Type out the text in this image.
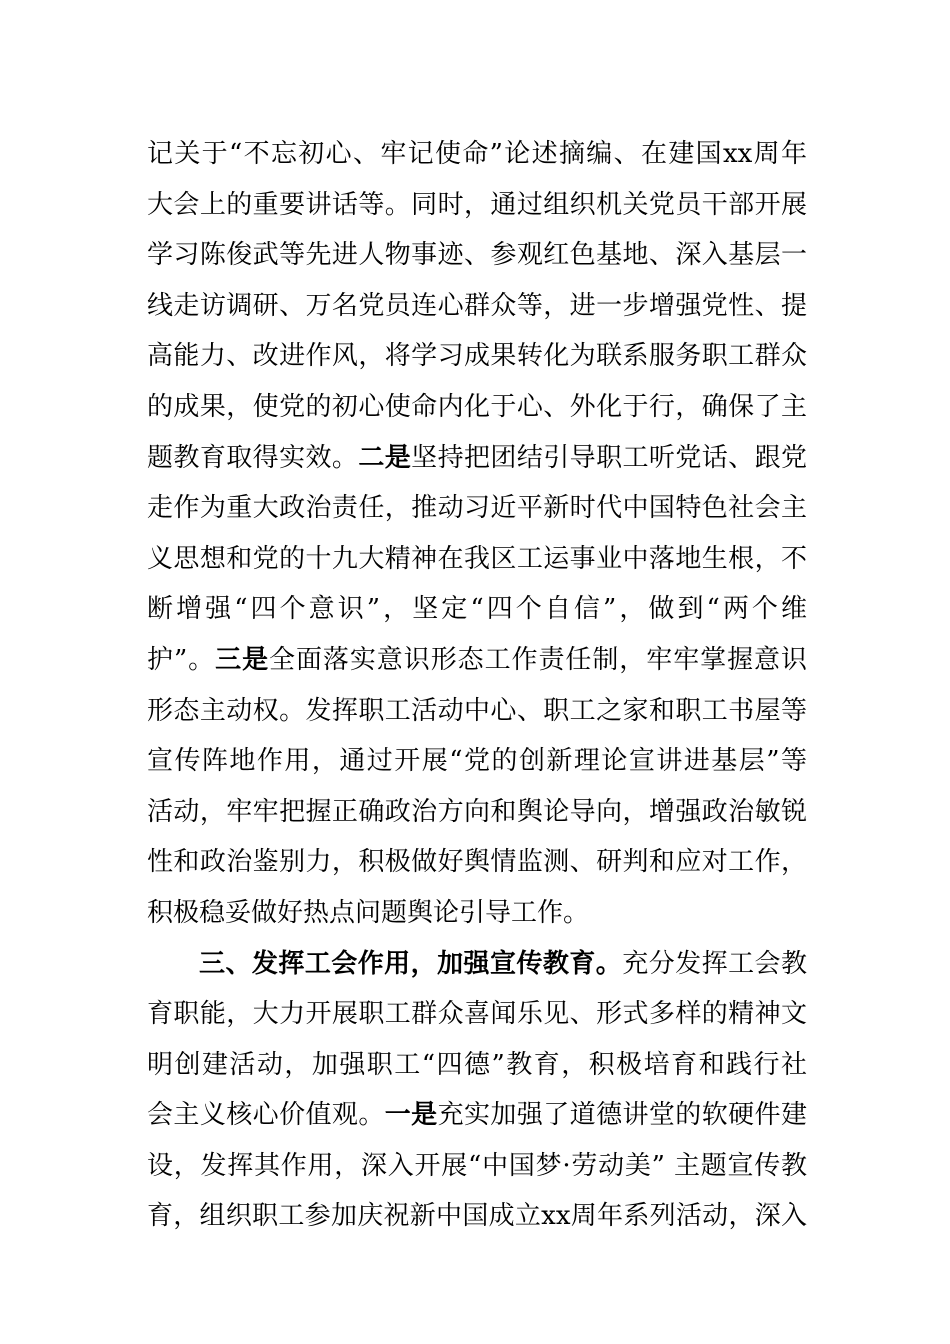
记关于“不忘初心、牢记使命”论述摘编、在建国xx周年
大会上的重要讲话等。同时，通过组织机关党员干部开展
学习陈俊武等先进人物事迹、参观红色基地、深入基层一
线走访调研、万名党员连心群众等，进一步增强党性、提
高能力、改进作风，将学习成果转化为联系服务职工群众
的成果，使党的初心使命内化于心、外化于行，确保了主
题教育取得实效。二是坚持把团结引导职工听党话、跟党
走作为重大政治责任，推动习近平新时代中国特色社会主
义思想和党的十九大精神在我区工运事业中落地生根，不
断增强“四个意识”，坚定“四个自信”，做到“两个维
护”。三是全面落实意识形态工作责任制，牢牢掌握意识
形态主动权。发挥职工活动中心、职工之家和职工书屋等
宣传阵地作用，通过开展“党的创新理论宣讲进基层”等
活动，牢牢把握正确政治方向和舆论导向，增强政治敏锐
性和政治鉴别力，积极做好舆情监测、研判和应对工作，
积极稳妥做好热点问题舆论引导工作。
三、发挥工会作用，加强宣传教育。充分发挥工会教
育职能，大力开展职工群众喜闻乐见、形式多样的精神文
明创建活动，加强职工“四德”教育，积极培育和践行社
会主义核心价值观。一是充实加强了道德讲堂的软硬件建
设，发挥其作用，深入开展“中国梦·劳动美” 主题宣传教
育，组织职工参加庆祝新中国成立xx周年系列活动，深入
